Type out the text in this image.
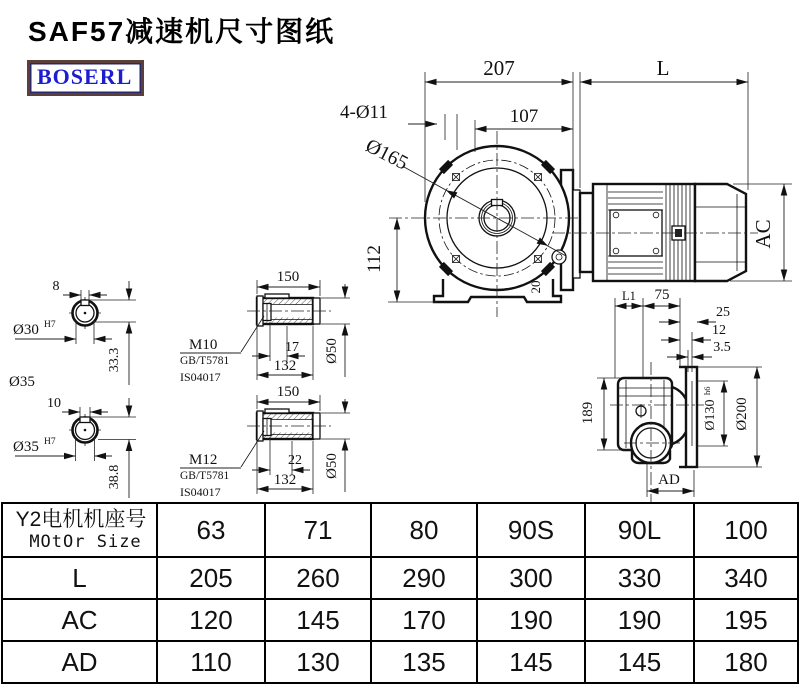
20
207	L
107
4-Ø11
Ø165
112
AC
L1 75
25
12
3.5
189	Ø130
h6
Ø200
AD
8
Ø30 H7
33.3
Ø35
10
Ø35 H7
38.8
150
17
132
Ø50
M10
GB/T5781
IS04017
150
22
132
Ø50
M12
GB/T5781
IS04017
SAF57减速机尺寸图纸
BOSERL
Y2电机机座号
MOtOr Size	63	71	80	90S	90L	100
L	205	260	290	300	330	340
AC	120	145	170	190	190	195
AD	110	130	135	145	145	180
